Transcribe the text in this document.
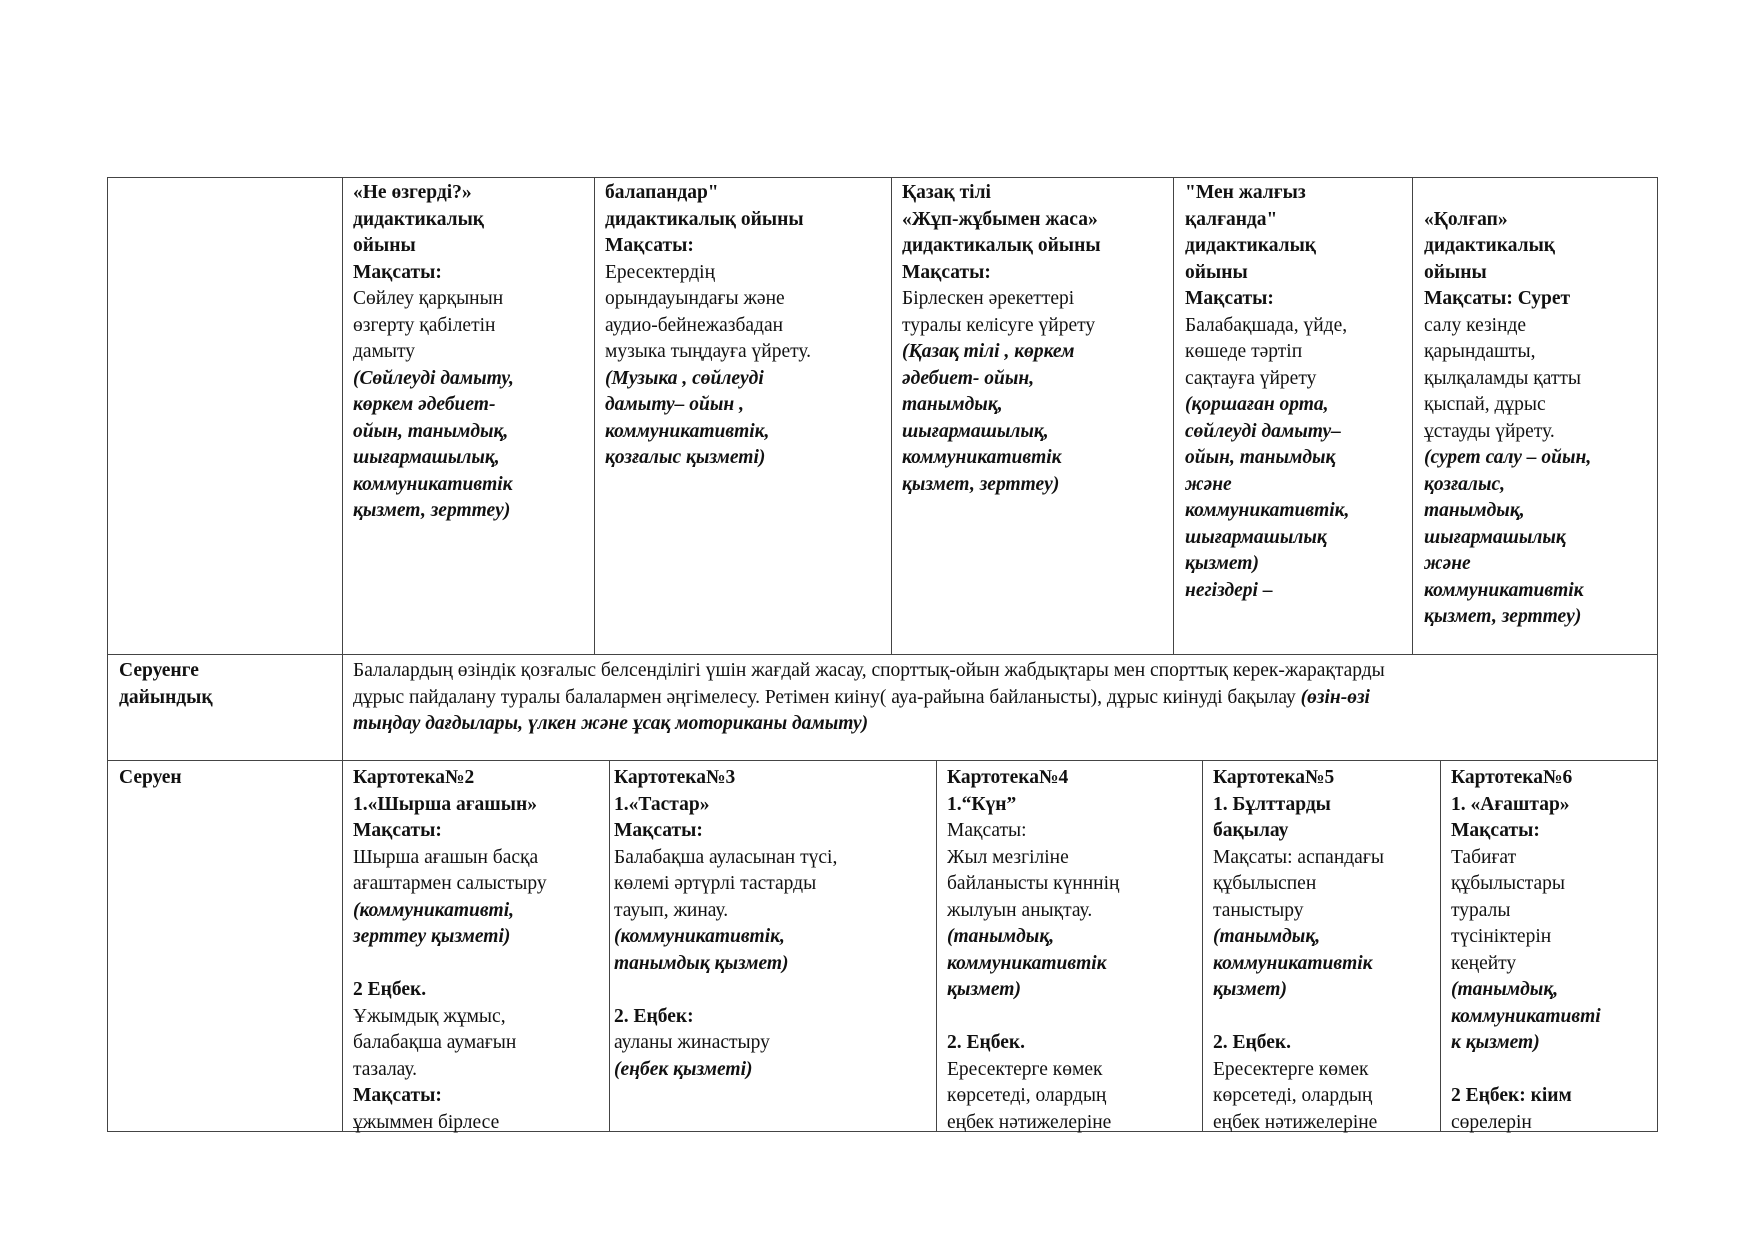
«Не өзгерді?»
дидактикалық
ойыны
Мақсаты:
Сөйлеу қарқынын
өзгерту қабілетін
дамыту
(Сөйлеуді дамыту,
көркем әдебиет-
ойын, танымдық,
шығармашылық,
коммуникативтік
қызмет, зерттеу)
балапандар"
дидактикалық ойыны
Мақсаты:
Ересектердің
орындауындағы және
аудио-бейнежазбадан
музыка тыңдауға үйрету.
(Музыка , сөйлеуді
дамыту– ойын ,
коммуникативтік,
қозғалыс қызметі)
Қазақ тілі
«Жұп-жұбымен жаса»
дидактикалық ойыны
Мақсаты:
Бірлескен әрекеттері
туралы келісуге үйрету
(Қазақ тілі , көркем
әдебиет- ойын,
танымдық,
шығармашылық,
коммуникативтік
қызмет, зерттеу)
"Мен жалғыз
қалғанда"
дидактикалық
ойыны
Мақсаты:
Балабақшада, үйде,
көшеде тәртіп
сақтауға үйрету
(қоршаған орта,
сөйлеуді дамыту–
ойын, танымдық
және
коммуникативтік,
шығармашылық
қызмет)
негіздері –
«Қолғап»
дидактикалық
ойыны
Мақсаты: Сурет
салу кезінде
қарындашты,
қылқаламды қатты
қыспай, дұрыс
ұстауды үйрету.
(сурет салу – ойын,
қозғалыс,
танымдық,
шығармашылық
және
коммуникативтік
қызмет, зерттеу)
Серуенге
дайындық
Балалардың өзіндік қозғалыс белсенділігі үшін жағдай жасау, спорттық-ойын жабдықтары мен спорттық керек-жарақтарды
дұрыс пайдалану туралы балалармен әңгімелесу. Ретімен киіну( ауа-райына байланысты), дұрыс киінуді бақылау (өзін-өзі
тыңдау дағдылары, үлкен және ұсақ моториканы дамыту)
Серуен	Картотека№2
1.«Шырша ағашын»
Мақсаты:
Шырша ағашын басқа
ағаштармен салыстыру
(коммуникативті,
зерттеу қызметі)
2 Еңбек.
Ұжымдық жұмыс,
балабақша аумағын
тазалау.
Мақсаты:
ұжыммен бірлесе
Картотека№3
1.«Тастар»
Мақсаты:
Балабақша ауласынан түсі,
көлемі әртүрлі тастарды
тауып, жинау.
(коммуникативтік,
танымдық қызмет)
2. Еңбек:
ауланы жинастыру
(еңбек қызметі)
Картотека№4
1.“Күн”
Мақсаты:
Жыл мезгіліне
байланысты күнннің
жылуын анықтау.
(танымдық,
коммуникативтік
қызмет)
2. Еңбек.
Ересектерге көмек
көрсетеді, олардың
еңбек нәтижелеріне
Картотека№5
1. Бұлттарды
бақылау
Мақсаты: аспандағы
құбылыспен
таныстыру
(танымдық,
коммуникативтік
қызмет)
2. Еңбек.
Ересектерге көмек
көрсетеді, олардың
еңбек нәтижелеріне
Картотека№6
1. «Ағаштар»
Мақсаты:
Табиғат
құбылыстары
туралы
түсініктерін
кеңейту
(танымдық,
коммуникативті
к қызмет)
2 Еңбек: кіим
сөрелерін
